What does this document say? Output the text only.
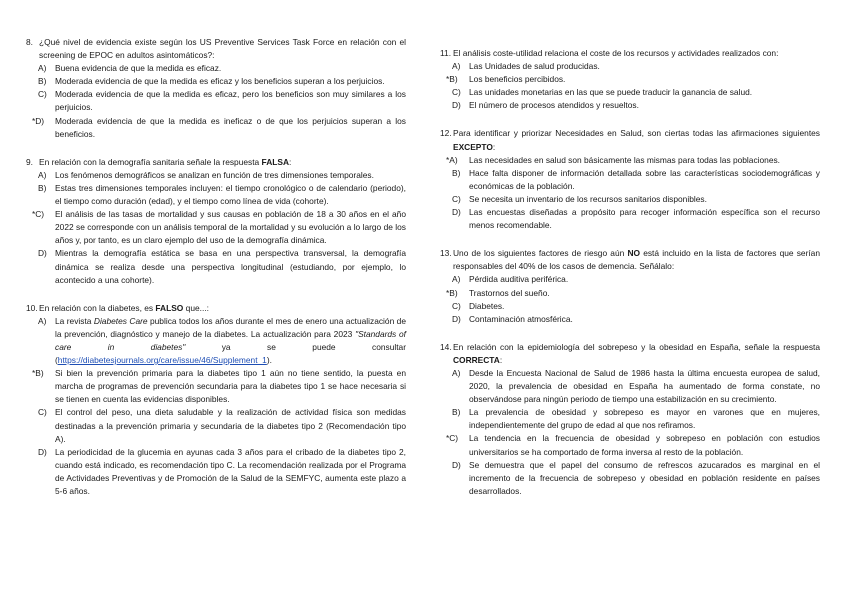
8. ¿Qué nivel de evidencia existe según los US Preventive Services Task Force en relación con el screening de EPOC en adultos asintomáticos?:
A) Buena evidencia de que la medida es eficaz.
B) Moderada evidencia de que la medida es eficaz y los beneficios superan a los perjuicios.
C) Moderada evidencia de que la medida es eficaz, pero los beneficios son muy similares a los perjuicios.
*D) Moderada evidencia de que la medida es ineficaz o de que los perjuicios superan a los beneficios.
9. En relación con la demografía sanitaria señale la respuesta FALSA:
A) Los fenómenos demográficos se analizan en función de tres dimensiones temporales.
B) Estas tres dimensiones temporales incluyen: el tiempo cronológico o de calendario (periodo), el tiempo como duración (edad), y el tiempo como línea de vida (cohorte).
*C) El análisis de las tasas de mortalidad y sus causas en población de 18 a 30 años en el año 2022 se corresponde con un análisis temporal de la mortalidad y su evolución a lo largo de los años y, por tanto, es un claro ejemplo del uso de la demografía dinámica.
D) Mientras la demografía estática se basa en una perspectiva transversal, la demografía dinámica se realiza desde una perspectiva longitudinal (estudiando, por ejemplo, lo acontecido a una cohorte).
10.En relación con la diabetes, es FALSO que...:
A) La revista Diabetes Care publica todos los años durante el mes de enero una actualización de la prevención, diagnóstico y manejo de la diabetes. La actualización para 2023 "Standards of care in diabetes" ya se puede consultar (https://diabetesjournals.org/care/issue/46/Supplement_1).
*B) Si bien la prevención primaria para la diabetes tipo 1 aún no tiene sentido, la puesta en marcha de programas de prevención secundaria para la diabetes tipo 1 se hace necesaria si se tienen en cuenta las evidencias disponibles.
C) El control del peso, una dieta saludable y la realización de actividad física son medidas destinadas a la prevención primaria y secundaria de la diabetes tipo 2 (Recomendación tipo A).
D) La periodicidad de la glucemia en ayunas cada 3 años para el cribado de la diabetes tipo 2, cuando está indicado, es recomendación tipo C. La recomendación realizada por el Programa de Actividades Preventivas y de Promoción de la Salud de la SEMFYC, aumenta este plazo a 5-6 años.
11. El análisis coste-utilidad relaciona el coste de los recursos y actividades realizados con:
A) Las Unidades de salud producidas.
*B) Los beneficios percibidos.
C) Las unidades monetarias en las que se puede traducir la ganancia de salud.
D) El número de procesos atendidos y resueltos.
12.Para identificar y priorizar Necesidades en Salud, son ciertas todas las afirmaciones siguientes EXCEPTO:
*A) Las necesidades en salud son básicamente las mismas para todas las poblaciones.
B) Hace falta disponer de información detallada sobre las características sociodemográficas y económicas de la población.
C) Se necesita un inventario de los recursos sanitarios disponibles.
D) Las encuestas diseñadas a propósito para recoger información específica son el recurso menos recomendable.
13.Uno de los siguientes factores de riesgo aún NO está incluido en la lista de factores que serían responsables del 40% de los casos de demencia. Señálalo:
A) Pérdida auditiva periférica.
*B) Trastornos del sueño.
C) Diabetes.
D) Contaminación atmosférica.
14.En relación con la epidemiología del sobrepeso y la obesidad en España, señale la respuesta CORRECTA:
A) Desde la Encuesta Nacional de Salud de 1986 hasta la última encuesta europea de salud, 2020, la prevalencia de obesidad en España ha aumentado de forma constate, no observándose para ningún periodo de tiempo una estabilización en su crecimiento.
B) La prevalencia de obesidad y sobrepeso es mayor en varones que en mujeres, independientemente del grupo de edad al que nos refiramos.
*C) La tendencia en la frecuencia de obesidad y sobrepeso en población con estudios universitarios se ha comportado de forma inversa al resto de la población.
D) Se demuestra que el papel del consumo de refrescos azucarados es marginal en el incremento de la frecuencia de sobrepeso y obesidad en población residente en países desarrollados.
